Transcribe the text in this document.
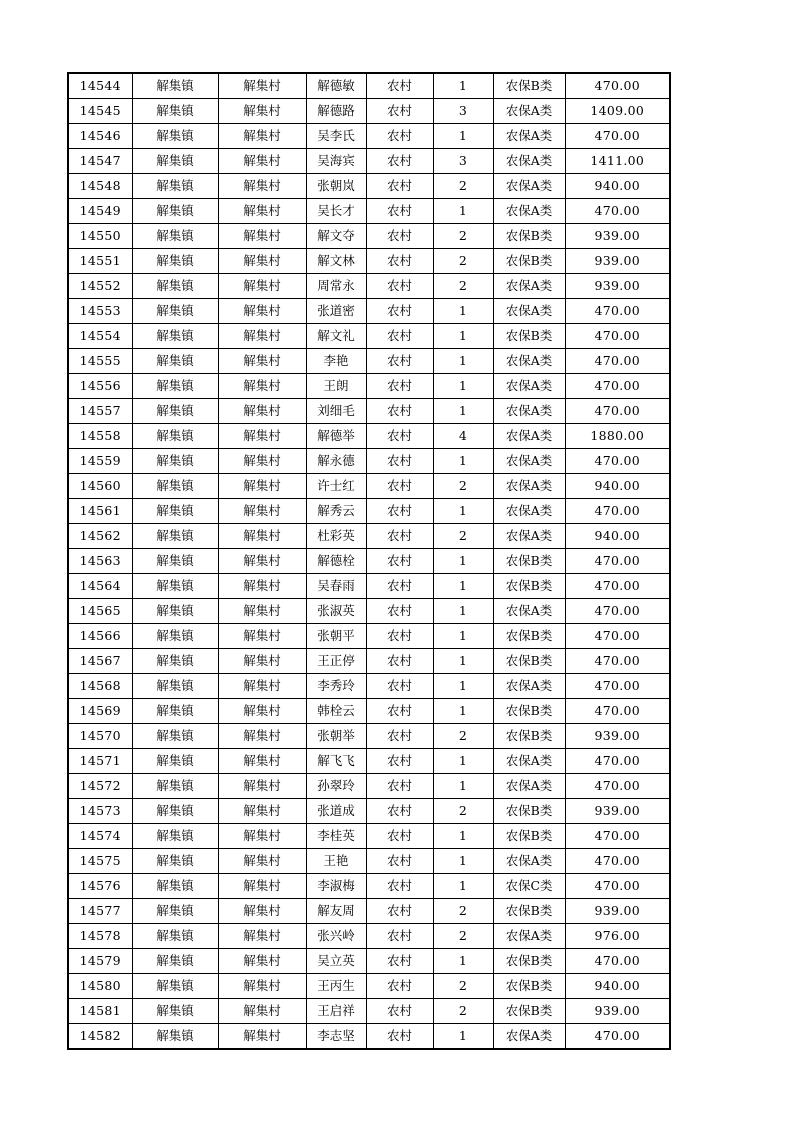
14544	解集镇	解集村	解德敏	农村	1	农保B类	470.00
14545	解集镇	解集村	解德路	农村	3	农保A类	1409.00
14546	解集镇	解集村	吴李氏	农村	1	农保A类	470.00
14547	解集镇	解集村	吴海宾	农村	3	农保A类	1411.00
14548	解集镇	解集村	张朝岚	农村	2	农保A类	940.00
14549	解集镇	解集村	吴长才	农村	1	农保A类	470.00
14550	解集镇	解集村	解文夺	农村	2	农保B类	939.00
14551	解集镇	解集村	解文林	农村	2	农保B类	939.00
14552	解集镇	解集村	周常永	农村	2	农保A类	939.00
14553	解集镇	解集村	张道密	农村	1	农保A类	470.00
14554	解集镇	解集村	解文礼	农村	1	农保B类	470.00
14555	解集镇	解集村	李艳	农村	1	农保A类	470.00
14556	解集镇	解集村	王朗	农村	1	农保A类	470.00
14557	解集镇	解集村	刘细毛	农村	1	农保A类	470.00
14558	解集镇	解集村	解德举	农村	4	农保A类	1880.00
14559	解集镇	解集村	解永德	农村	1	农保A类	470.00
14560	解集镇	解集村	许士红	农村	2	农保A类	940.00
14561	解集镇	解集村	解秀云	农村	1	农保A类	470.00
14562	解集镇	解集村	杜彩英	农村	2	农保A类	940.00
14563	解集镇	解集村	解德栓	农村	1	农保B类	470.00
14564	解集镇	解集村	吴春雨	农村	1	农保B类	470.00
14565	解集镇	解集村	张淑英	农村	1	农保A类	470.00
14566	解集镇	解集村	张朝平	农村	1	农保B类	470.00
14567	解集镇	解集村	王正停	农村	1	农保B类	470.00
14568	解集镇	解集村	李秀玲	农村	1	农保A类	470.00
14569	解集镇	解集村	韩栓云	农村	1	农保B类	470.00
14570	解集镇	解集村	张朝举	农村	2	农保B类	939.00
14571	解集镇	解集村	解飞飞	农村	1	农保A类	470.00
14572	解集镇	解集村	孙翠玲	农村	1	农保A类	470.00
14573	解集镇	解集村	张道成	农村	2	农保B类	939.00
14574	解集镇	解集村	李桂英	农村	1	农保B类	470.00
14575	解集镇	解集村	王艳	农村	1	农保A类	470.00
14576	解集镇	解集村	李淑梅	农村	1	农保C类	470.00
14577	解集镇	解集村	解友周	农村	2	农保B类	939.00
14578	解集镇	解集村	张兴岭	农村	2	农保A类	976.00
14579	解集镇	解集村	吴立英	农村	1	农保B类	470.00
14580	解集镇	解集村	王丙生	农村	2	农保B类	940.00
14581	解集镇	解集村	王启祥	农村	2	农保B类	939.00
14582	解集镇	解集村	李志坚	农村	1	农保A类	470.00
